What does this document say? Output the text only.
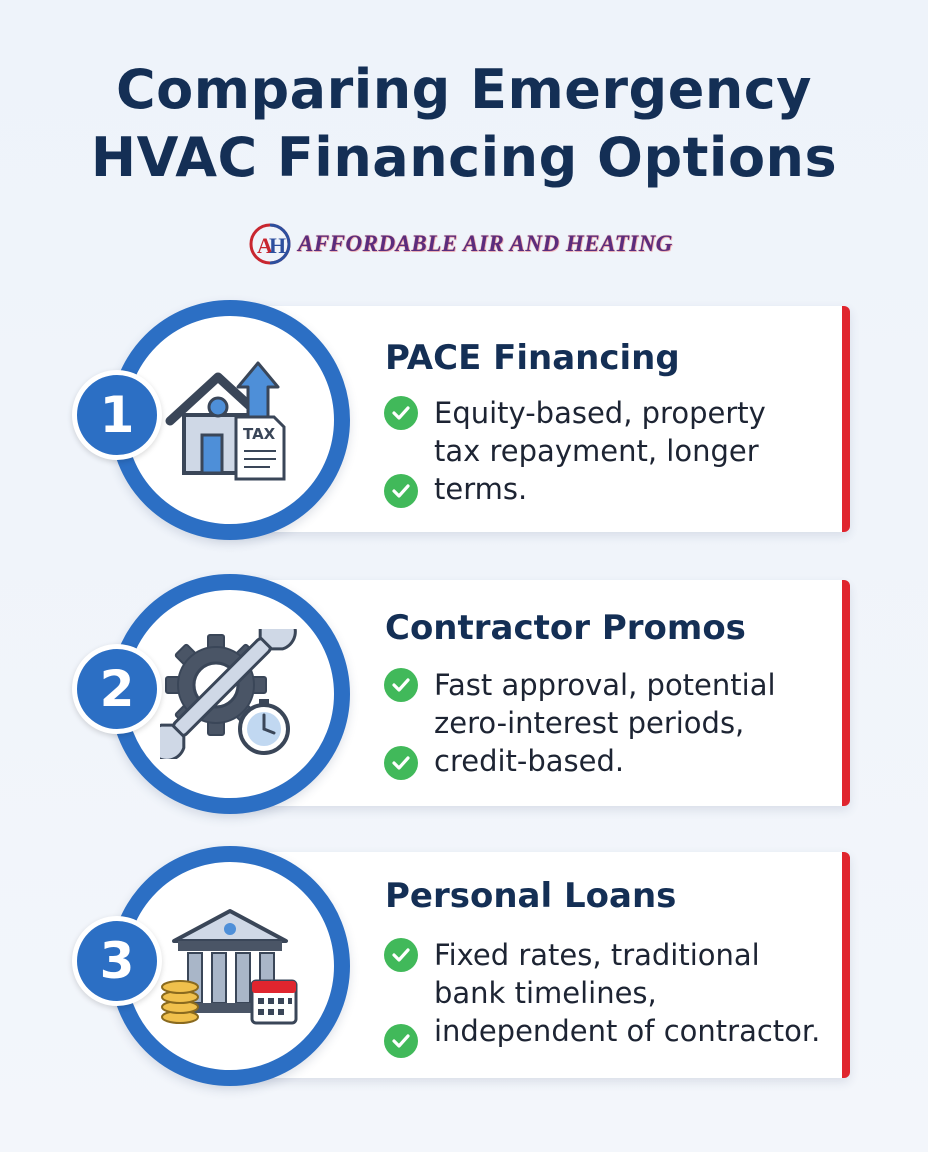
Comparing Emergency
HVAC Financing Options
A
H AFFORDABLE AIR AND HEATING
TAX
1
PACE Financing
Equity-based, property
tax repayment, longer
terms.
2
Contractor Promos
Fast approval, potential
zero-interest periods,
credit-based.
3
Personal Loans
Fixed rates, traditional
bank timelines,
independent of contractor.
